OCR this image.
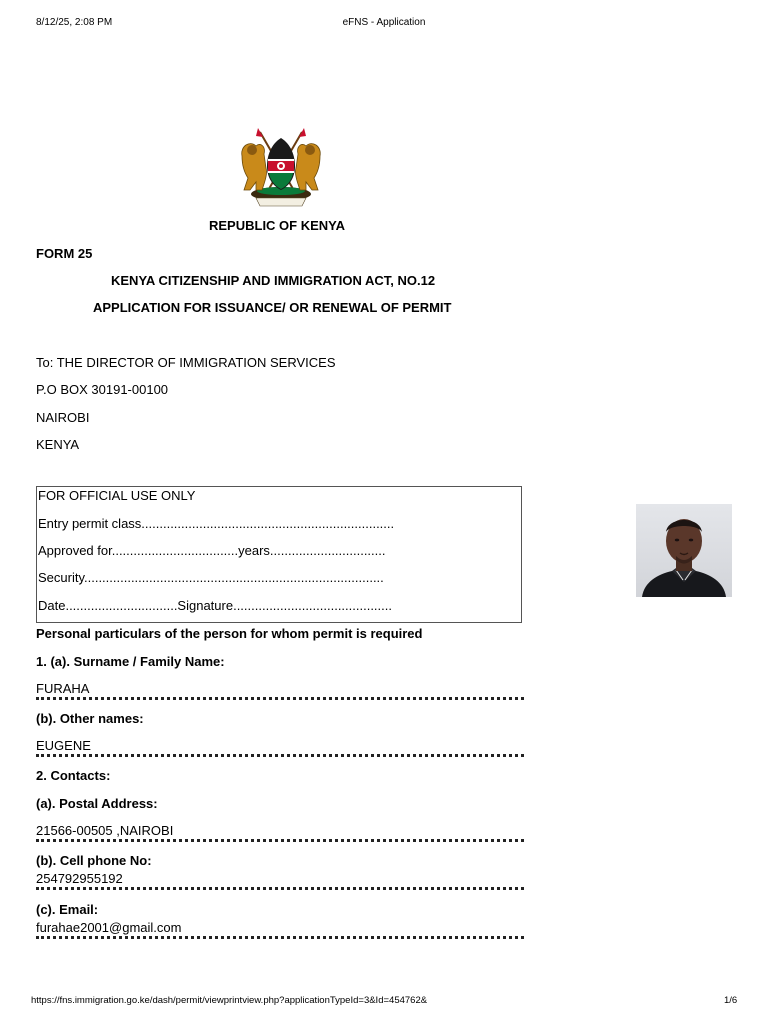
8/12/25, 2:08 PM	eFNS - Application
REPUBLIC OF KENYA
FORM 25
KENYA CITIZENSHIP AND IMMIGRATION ACT, NO.12
APPLICATION FOR ISSUANCE/ OR RENEWAL OF PERMIT
To: THE DIRECTOR OF IMMIGRATION SERVICES
P.O BOX 30191-00100
NAIROBI
KENYA
FOR OFFICIAL USE ONLY
Entry permit class......................................................................
Approved for...................................years................................
Security...................................................................................
Date...............................Signature............................................
Personal particulars of the person for whom permit is required
1. (a). Surname / Family Name:
FURAHA
(b). Other names:
EUGENE
2. Contacts:
(a). Postal Address:
21566-00505 ,NAIROBI
(b). Cell phone No:
254792955192
(c). Email:
furahae2001@gmail.com
https://fns.immigration.go.ke/dash/permit/viewprintview.php?applicationTypeId=3&Id=454762&	1/6
